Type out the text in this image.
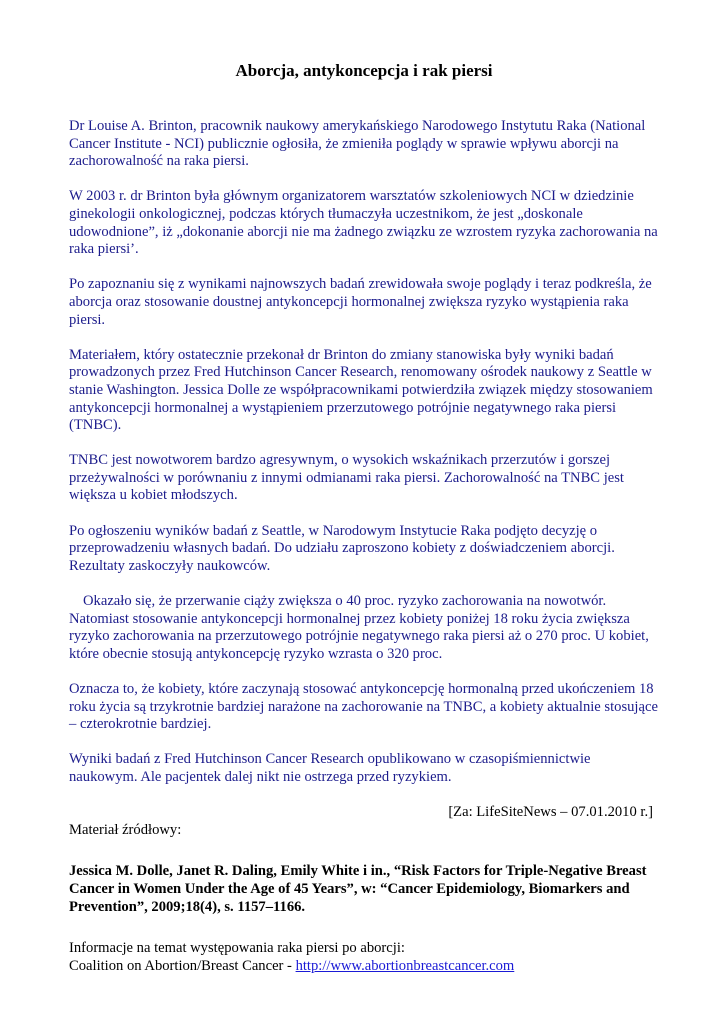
Aborcja, antykoncepcja i rak piersi

Dr Louise A. Brinton, pracownik naukowy amerykańskiego Narodowego Instytutu Raka (National Cancer Institute - NCI) publicznie ogłosiła, że zmieniła poglądy w sprawie wpływu aborcji na zachorowalność na raka piersi.

W 2003 r. dr Brinton była głównym organizatorem warsztatów szkoleniowych NCI w dziedzinie ginekologii onkologicznej, podczas których tłumaczyła uczestnikom, że jest „doskonale udowodnione”, iż „dokonanie aborcji nie ma żadnego związku ze wzrostem ryzyka zachorowania na raka piersi’.

Po zapoznaniu się z wynikami najnowszych badań zrewidowała swoje poglądy i teraz podkreśla, że aborcja oraz stosowanie doustnej antykoncepcji hormonalnej zwiększa ryzyko wystąpienia raka piersi.

Materiałem, który ostatecznie przekonał dr Brinton do zmiany stanowiska były wyniki badań prowadzonych przez Fred Hutchinson Cancer Research, renomowany ośrodek naukowy z Seattle w stanie Washington. Jessica Dolle ze współpracownikami potwierdziła związek między stosowaniem antykoncepcji hormonalnej a wystąpieniem przerzutowego potrójnie negatywnego raka piersi (TNBC).

TNBC jest nowotworem bardzo agresywnym, o wysokich wskaźnikach przerzutów i gorszej przeżywalności w porównaniu z innymi odmianami raka piersi. Zachorowalność na TNBC jest większa u kobiet młodszych.

Po ogłoszeniu wyników badań z Seattle, w Narodowym Instytucie Raka podjęto decyzję o przeprowadzeniu własnych badań. Do udziału zaproszono kobiety z doświadczeniem aborcji. Rezultaty zaskoczyły naukowców.

Okazało się, że przerwanie ciąży zwiększa o 40 proc. ryzyko zachorowania na nowotwór. Natomiast stosowanie antykoncepcji hormonalnej przez kobiety poniżej 18 roku życia zwiększa ryzyko zachorowania na przerzutowego potrójnie negatywnego raka piersi aż o 270 proc. U kobiet, które obecnie stosują antykoncepcję ryzyko wzrasta o 320 proc.

Oznacza to, że kobiety, które zaczynają stosować antykoncepcję hormonalną przed ukończeniem 18 roku życia są trzykrotnie bardziej narażone na zachorowanie na TNBC, a kobiety aktualnie stosujące – czterokrotnie bardziej.

Wyniki badań z Fred Hutchinson Cancer Research opublikowano w czasopiśmiennictwie naukowym. Ale pacjentek dalej nikt nie ostrzega przed ryzykiem.

[Za: LifeSiteNews – 07.01.2010 r.]

Materiał źródłowy:

Jessica M. Dolle, Janet R. Daling, Emily White i in., “Risk Factors for Triple-Negative Breast Cancer in Women Under the Age of 45 Years”, w: “Cancer Epidemiology, Biomarkers and Prevention”, 2009;18(4), s. 1157–1166.

Informacje na temat występowania raka piersi po aborcji:

Coalition on Abortion/Breast Cancer - http://www.abortionbreastcancer.com
